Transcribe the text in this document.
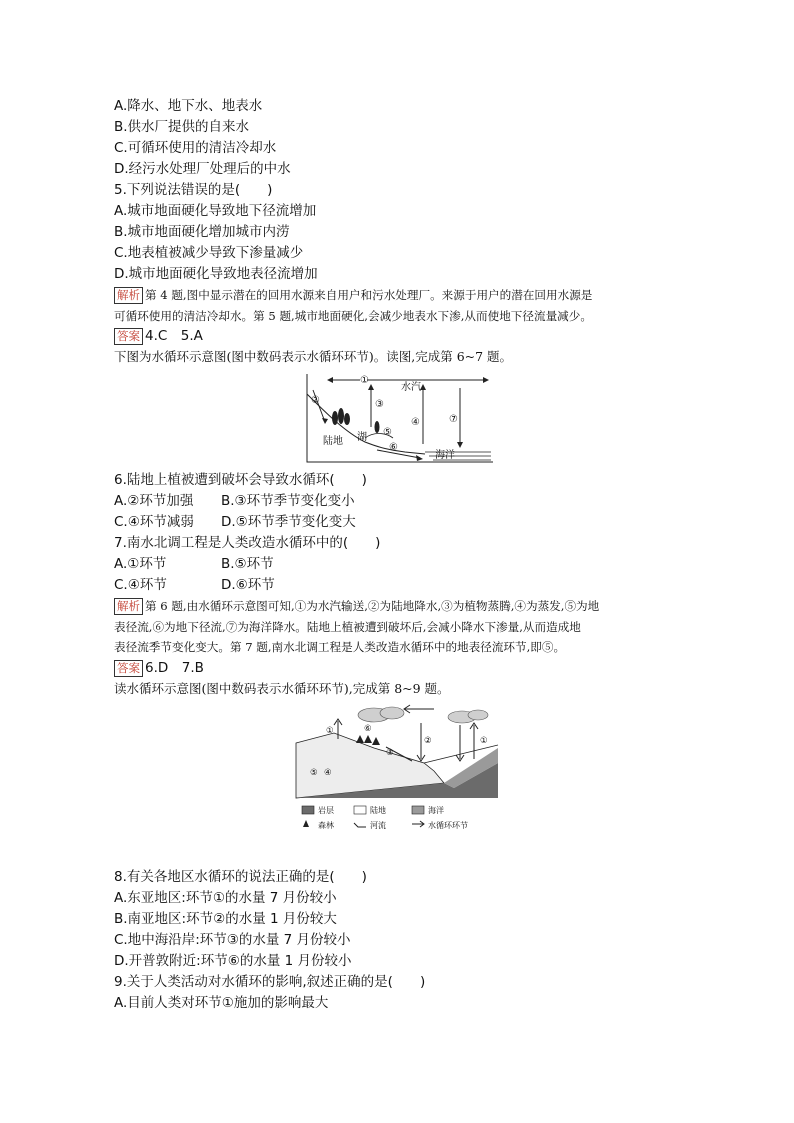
A.降水、地下水、地表水
B.供水厂提供的自来水
C.可循环使用的清洁冷却水
D.经污水处理厂处理后的中水
5.下列说法错误的是(　　)
A.城市地面硬化导致地下径流增加
B.城市地面硬化增加城市内涝
C.地表植被减少导致下渗量减少
D.城市地面硬化导致地表径流增加
解析 第 4 题,图中显示潜在的回用水源来自用户和污水处理厂。来源于用户的潜在回用水源是
可循环使用的清洁冷却水。第 5 题,城市地面硬化,会减少地表水下渗,从而使地下径流量减少。
答案 4.C　5.A
下图为水循环示意图(图中数码表示水循环环节)。读图,完成第 6~7 题。
①
②	③
④
⑤
⑥
⑦
水汽
陆地 湖
海洋
6.陆地上植被遭到破坏会导致水循环(　　)
A.②环节加强 B.③环节季节变化变小
C.④环节减弱 D.⑤环节季节变化变大
7.南水北调工程是人类改造水循环中的(　　)
A.①环节	B.⑤环节
C.④环节	D.⑥环节
解析 第 6 题,由水循环示意图可知,①为水汽输送,②为陆地降水,③为植物蒸腾,④为蒸发,⑤为地
表径流,⑥为地下径流,⑦为海洋降水。陆地上植被遭到破坏后,会减小降水下渗量,从而造成地
表径流季节变化变大。第 7 题,南水北调工程是人类改造水循环中的地表径流环节,即⑤。
答案 6.D　7.B
读水循环示意图(图中数码表示水循环环节),完成第 8~9 题。
①
②
③
④
⑤
⑥
①
岩层	陆地	海洋
森林	河流	水循环环节
8.有关各地区水循环的说法正确的是(　　)
A.东亚地区:环节①的水量 7 月份较小
B.南亚地区:环节②的水量 1 月份较大
C.地中海沿岸:环节③的水量 7 月份较小
D.开普敦附近:环节⑥的水量 1 月份较小
9.关于人类活动对水循环的影响,叙述正确的是(　　)
A.目前人类对环节①施加的影响最大
